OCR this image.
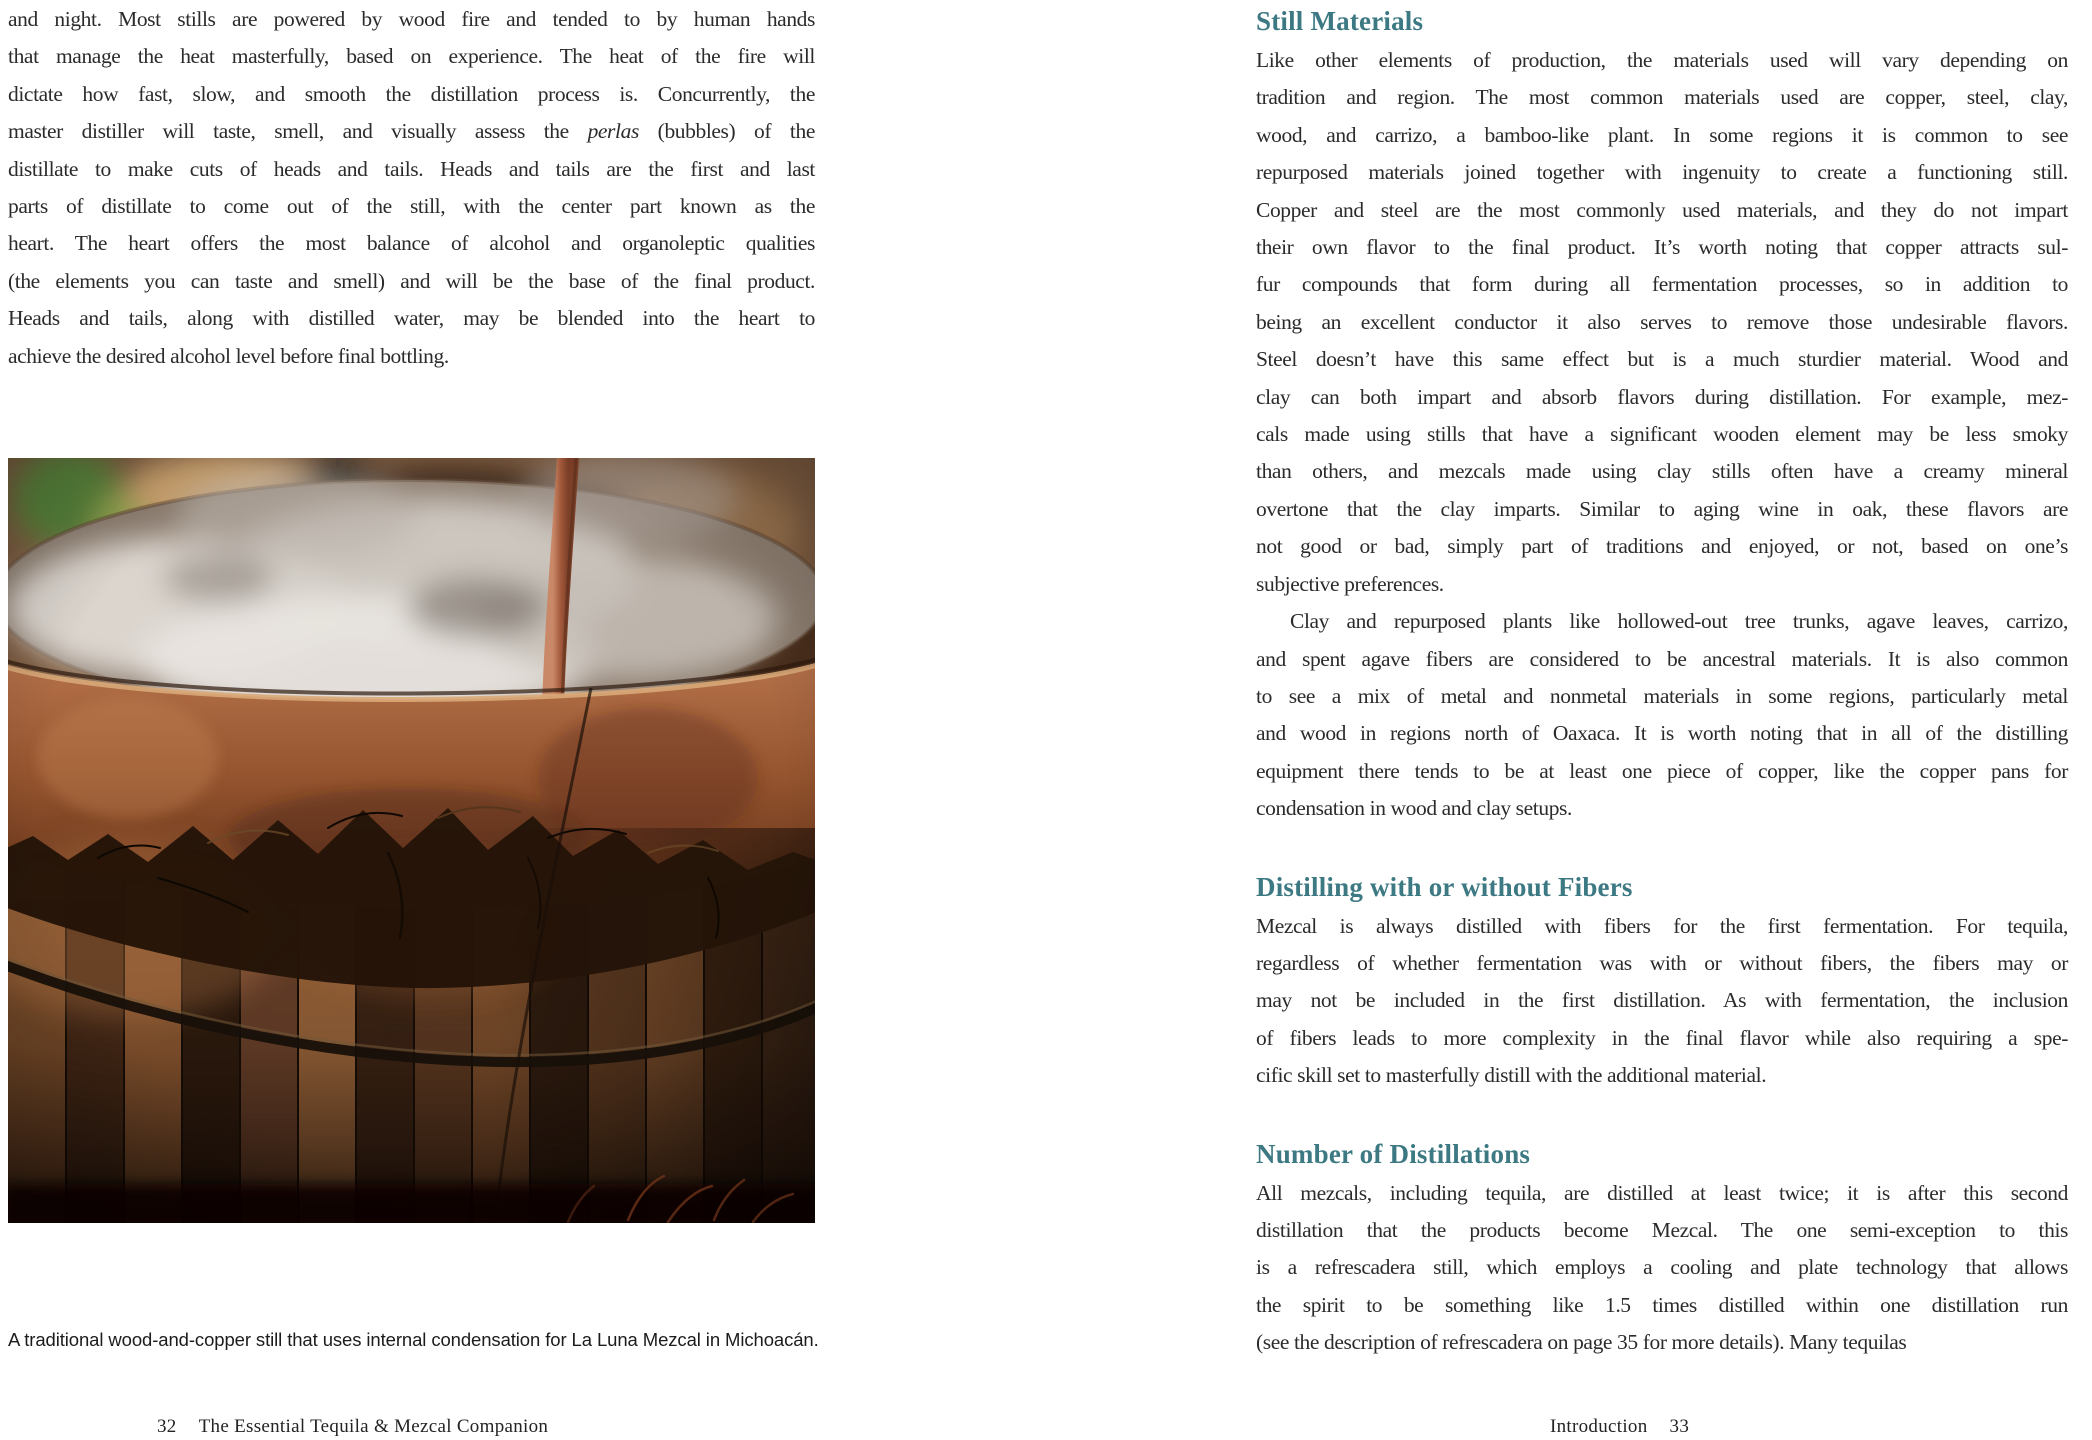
and night. Most stills are powered by wood fire and tended to by human hands
that manage the heat masterfully, based on experience. The heat of the fire will
dictate how fast, slow, and smooth the distillation process is. Concurrently, the
master distiller will taste, smell, and visually assess the perlas (bubbles) of the
distillate to make cuts of heads and tails. Heads and tails are the first and last
parts of distillate to come out of the still, with the center part known as the
heart. The heart offers the most balance of alcohol and organoleptic qualities
(the elements you can taste and smell) and will be the base of the final product.
Heads and tails, along with distilled water, may be blended into the heart to
achieve the desired alcohol level before final bottling.
A traditional wood-and-copper still that uses internal condensation for La Luna Mezcal in Michoacán.
32 The Essential Tequila & Mezcal Companion
Still Materials
Like other elements of production, the materials used will vary depending on
tradition and region. The most common materials used are copper, steel, clay,
wood, and carrizo, a bamboo-like plant. In some regions it is common to see
repurposed materials joined together with ingenuity to create a functioning still.
Copper and steel are the most commonly used materials, and they do not impart
their own flavor to the final product. It’s worth noting that copper attracts sul-
fur compounds that form during all fermentation processes, so in addition to
being an excellent conductor it also serves to remove those undesirable flavors.
Steel doesn’t have this same effect but is a much sturdier material. Wood and
clay can both impart and absorb flavors during distillation. For example, mez-
cals made using stills that have a significant wooden element may be less smoky
than others, and mezcals made using clay stills often have a creamy mineral
overtone that the clay imparts. Similar to aging wine in oak, these flavors are
not good or bad, simply part of traditions and enjoyed, or not, based on one’s
subjective preferences.
Clay and repurposed plants like hollowed-out tree trunks, agave leaves, carrizo,
and spent agave fibers are considered to be ancestral materials. It is also common
to see a mix of metal and nonmetal materials in some regions, particularly metal
and wood in regions north of Oaxaca. It is worth noting that in all of the distilling
equipment there tends to be at least one piece of copper, like the copper pans for
condensation in wood and clay setups.
Distilling with or without Fibers
Mezcal is always distilled with fibers for the first fermentation. For tequila,
regardless of whether fermentation was with or without fibers, the fibers may or
may not be included in the first distillation. As with fermentation, the inclusion
of fibers leads to more complexity in the final flavor while also requiring a spe-
cific skill set to masterfully distill with the additional material.
Number of Distillations
All mezcals, including tequila, are distilled at least twice; it is after this second
distillation that the products become Mezcal. The one semi-exception to this
is a refrescadera still, which employs a cooling and plate technology that allows
the spirit to be something like 1.5 times distilled within one distillation run
(see the description of refrescadera on page 35 for more details). Many tequilas
Introduction 33
